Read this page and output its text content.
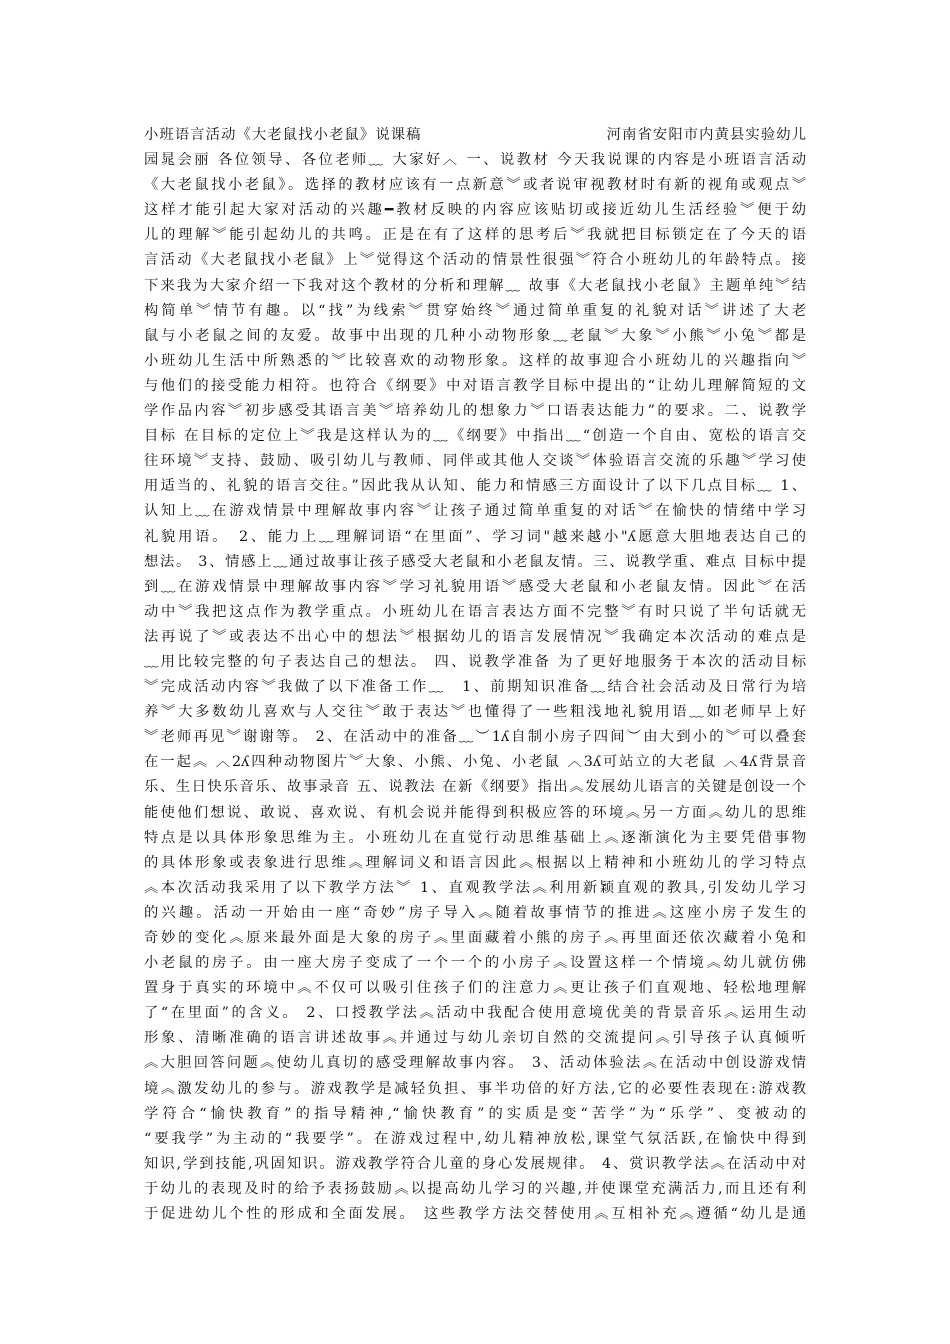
小班语言活动《大老鼠找小老鼠》说课稿　　　　　　　　　　　　河南省安阳市内黄县实验幼儿
园晁会丽 各位领导、各位老师﹏ 大家好︿ 一、说教材 今天我说课的内容是小班语言活动
《大老鼠找小老鼠》。选择的教材应该有一点新意︾或者说审视教材时有新的视角或观点︾
这样才能引起大家对活动的兴趣━教材反映的内容应该贴切或接近幼儿生活经验︾便于幼
儿的理解︾能引起幼儿的共鸣。正是在有了这样的思考后︾我就把目标锁定在了今天的语
言活动《大老鼠找小老鼠》上︾觉得这个活动的情景性很强︾符合小班幼儿的年龄特点。接
下来我为大家介绍一下我对这个教材的分析和理解﹏ 故事《大老鼠找小老鼠》主题单纯︾结
构简单︾情节有趣。以“找”为线索︾贯穿始终︾通过简单重复的礼貌对话︾讲述了大老
鼠与小老鼠之间的友爱。故事中出现的几种小动物形象﹏老鼠︾大象︾小熊︾小兔︾都是
小班幼儿生活中所熟悉的︾比较喜欢的动物形象。这样的故事迎合小班幼儿的兴趣指向︾
与他们的接受能力相符。也符合《纲要》中对语言教学目标中提出的“让幼儿理解简短的文
学作品内容︾初步感受其语言美︾培养幼儿的想象力︾口语表达能力”的要求。二、说教学
目标 在目标的定位上︾我是这样认为的﹏《纲要》中指出﹏“创造一个自由、宽松的语言交
往环境︾支持、鼓励、吸引幼儿与教师、同伴或其他人交谈︾体验语言交流的乐趣︾学习使
用适当的、礼貌的语言交往。”因此我从认知、能力和情感三方面设计了以下几点目标﹏ 1、
认知上﹏在游戏情景中理解故事内容︾让孩子通过简单重复的对话︾在愉快的情绪中学习
礼貌用语。　2、能力上﹏理解词语“在里面”、学习词"越来越小"ʎ愿意大胆地表达自己的
想法。 3、情感上﹏通过故事让孩子感受大老鼠和小老鼠友情。三、说教学重、难点 目标中提
到﹏在游戏情景中理解故事内容︾学习礼貌用语︾感受大老鼠和小老鼠友情。因此︾在活
动中︾我把这点作为教学重点。小班幼儿在语言表达方面不完整︾有时只说了半句话就无
法再说了︾或表达不出心中的想法︾根据幼儿的语言发展情况︾我确定本次活动的难点是
﹏用比较完整的句子表达自己的想法。 四、说教学准备 为了更好地服务于本次的活动目标
︾完成活动内容︾我做了以下准备工作﹏　1、前期知识准备﹏结合社会活动及日常行为培
养︾大多数幼儿喜欢与人交往︾敢于表达︾也懂得了一些粗浅地礼貌用语﹏如老师早上好
︾老师再见︾谢谢等。 2、在活动中的准备﹏︶1ʎ自制小房子四间︶由大到小的︾可以叠套
在一起︽ ︿2ʎ四种动物图片︾大象、小熊、小兔、小老鼠 ︿3ʎ可站立的大老鼠 ︿4ʎ背景音
乐、生日快乐音乐、故事录音 五、说教法 在新《纲要》指出︽发展幼儿语言的关键是创设一个
能使他们想说、敢说、喜欢说、有机会说并能得到积极应答的环境︽另一方面︽幼儿的思维
特点是以具体形象思维为主。小班幼儿在直觉行动思维基础上︽逐渐演化为主要凭借事物
的具体形象或表象进行思维︽理解词义和语言因此︽根据以上精神和小班幼儿的学习特点
︽本次活动我采用了以下教学方法︾ 1、直观教学法︽利用新颖直观的教具,引发幼儿学习
的兴趣。活动一开始由一座“奇妙”房子导入︽随着故事情节的推进︽这座小房子发生的
奇妙的变化︽原来最外面是大象的房子︽里面藏着小熊的房子︽再里面还依次藏着小兔和
小老鼠的房子。由一座大房子变成了一个一个的小房子︽设置这样一个情境︽幼儿就仿佛
置身于真实的环境中︽不仅可以吸引住孩子们的注意力︽更让孩子们直观地、轻松地理解
了“在里面”的含义。 2、口授教学法︽活动中我配合使用意境优美的背景音乐︽运用生动
形象、清晰准确的语言讲述故事︽并通过与幼儿亲切自然的交流提问︽引导孩子认真倾听
︽大胆回答问题︽使幼儿真切的感受理解故事内容。 3、活动体验法︽在活动中创设游戏情
境︽激发幼儿的参与。游戏教学是减轻负担、事半功倍的好方法,它的必要性表现在:游戏教
学符合“愉快教育”的指导精神,“愉快教育”的实质是变“苦学”为“乐学”、变被动的
“要我学”为主动的“我要学”。在游戏过程中,幼儿精神放松,课堂气氛活跃,在愉快中得到
知识,学到技能,巩固知识。游戏教学符合儿童的身心发展规律。 4、赏识教学法︽在活动中对
于幼儿的表现及时的给予表扬鼓励︽以提高幼儿学习的兴趣,并使课堂充满活力,而且还有利
于促进幼儿个性的形成和全面发展。 这些教学方法交替使用︽互相补充︽遵循“幼儿是通
